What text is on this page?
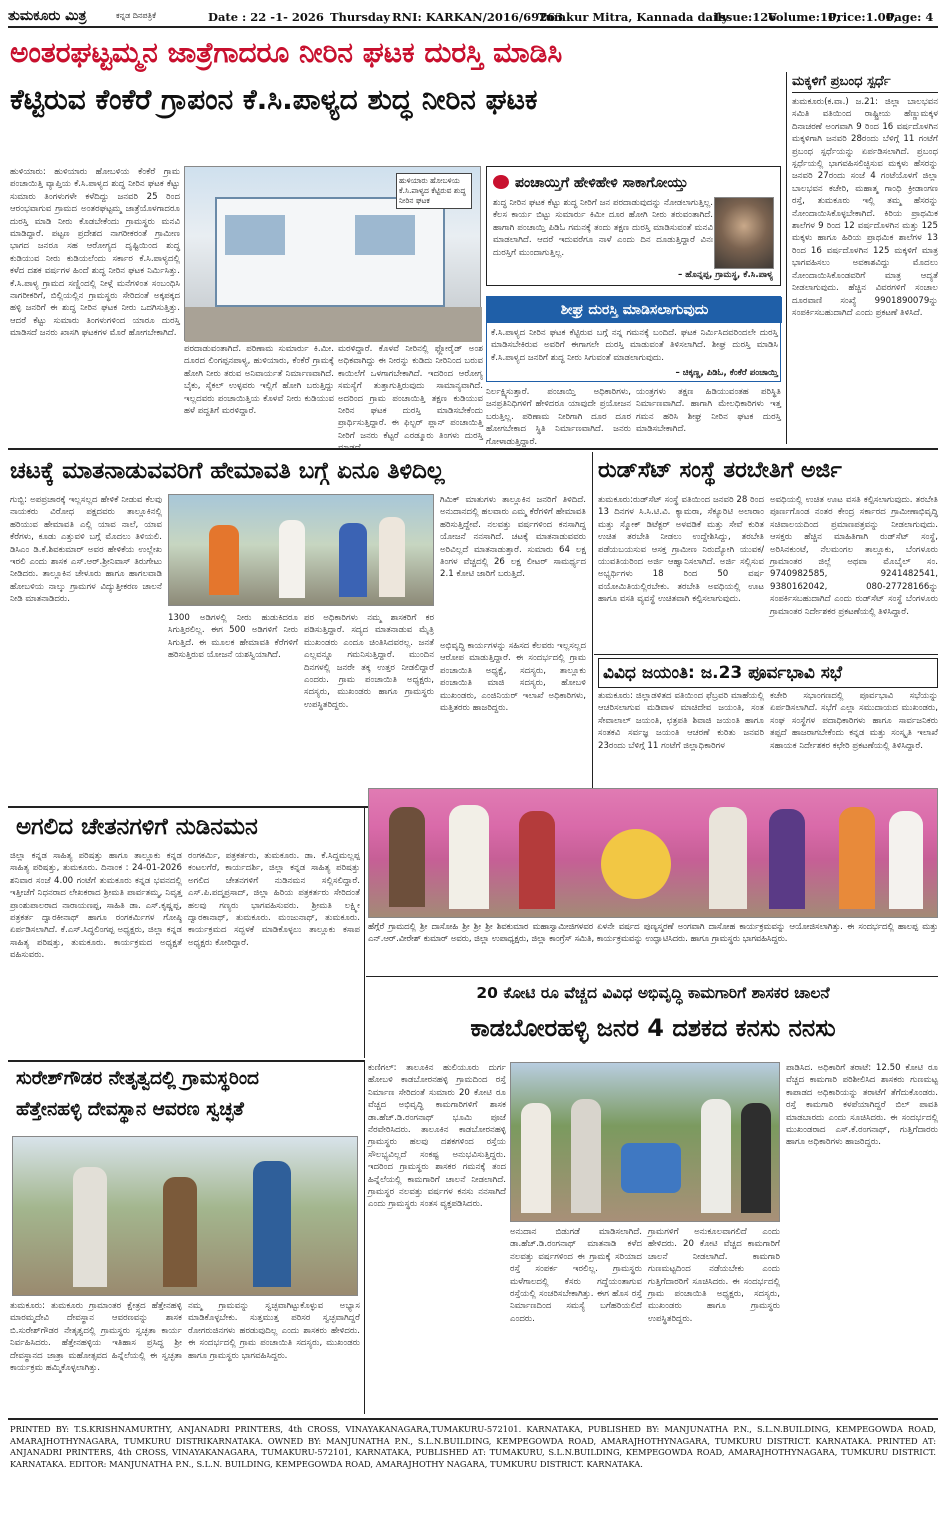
ತುಮಕೂರು ಮಿತ್ರ	ಕನ್ನಡ ದಿನಪತ್ರಿಕೆ	Date : 22 -1- 2026 Thursday RNI: KARKAN/2016/69263
Tumkur Mitra, Kannada daily
Issue:126
Volume:10,
Price:1.00,
Page: 4
ಅಂತರಘಟ್ಟಮ್ಮನ ಜಾತ್ರೆಗಾದರೂ ನೀರಿನ ಘಟಕ ದುರಸ್ತಿ ಮಾಡಿಸಿ
ಕೆಟ್ಟಿರುವ ಕೆಂಕೆರೆ ಗ್ರಾಪಂನ ಕೆ.ಸಿ.ಪಾಳ್ಯದ ಶುದ್ಧ ನೀರಿನ ಘಟಕ
ಹುಳಿಯಾರು: ಹುಳಿಯಾರು ಹೋಬಳಿಯ ಕೆಂಕೆರೆ ಗ್ರಾಮ ಪಂಚಾಯಿತ್ತಿ ವ್ಯಾಪ್ತಿಯ ಕೆ.ಸಿ.ಪಾಳ್ಯದ ಶುದ್ಧ ನೀರಿನ ಘಟಕ ಕೆಟ್ಟು ಸುಮಾರು ತಿಂಗಳುಗಳೇ ಕಳೆದಿದ್ದು ಜನವರಿ 25 ರಿಂದ ಆರಂಭವಾಗುವ ಗ್ರಾಮದ ಅಂತರಘಟ್ಟಮ್ಮ ಜಾತ್ರೆಯೊಳಗಾದರೂ ದುರಸ್ತಿ ಮಾಡಿ ನೀರು ಕೊಡಬೇಕೆಂದು ಗ್ರಾಮಸ್ಥರು ಮನವಿ ಮಾಡಿದ್ದಾರೆ. ಪಟ್ಟಣ ಪ್ರದೇಶದ ನಾಗರೀಕರಂತೆ ಗ್ರಾಮೀಣ ಭಾಗದ ಜನರೂ ಸಹ ಆರೋಗ್ಯದ ದೃಷ್ಟಿಯಿಂದ ಶುದ್ಧ ಕುಡಿಯುವ ನೀರು ಕುಡಿಯಲೆಂದು ಸರ್ಕಾರ ಕೆ.ಸಿ.ಪಾಳ್ಯದಲ್ಲಿ ಕಳೆದ ದಶಕ ವರ್ಷಗಳ ಹಿಂದೆ ಶುದ್ಧ ನೀರಿನ ಘಟಕ ನಿರ್ಮಿಸಿತ್ತು. ಕೆ.ಸಿ.ಪಾಳ್ಯ ಗ್ರಾಮದ ಸಣ್ಣಿಂದಲ್ಲಿ ನೀಳ್ಗೆ ಮನೆಗಳಿಂತ ಸಂಬಂಧಿಸಿ ನಾಗರೀಕರಿಗೆ, ಬಿಲ್ಲಿಯಲ್ಲಿನ ಗ್ರಾಮಸ್ಥರು ಸೇರಿದಂತೆ ಅಕ್ಕಪಕ್ಕದ ಹಳ್ಳಿ ಜನರಿಗೆ ಈ ಶುದ್ಧ ನೀರಿನ ಘಟಕ ನೀರು ಒದಗಿಸುತ್ತಿತ್ತು. ಆದರೆ ಕೆಟ್ಟು ಸುಮಾರು ತಿಂಗಳುಗಳಿಂದ ಯಾರೂ ದುರಸ್ತಿ ಮಾಡಿಸದೆ ಜನರು ಖಾಸಗಿ ಘಟಕಗಳ ಮೊರೆ ಹೋಗಬೇಕಾಗಿದೆ.
ಹುಳಿಯಾರು ಹೋಬಳಿಯ ಕೆ.ಸಿ.ಪಾಳ್ಯದ ಕೆಟ್ಟಿರುವ ಶುದ್ಧ ನೀರಿನ ಘಟಕ
ಪರದಾಡುವಂತಾಗಿದೆ. ಪರಿಣಾಮ ಸುಮಾರ್ರು ಕಿ.ಮೀ. ದೂರದ ಲಿಂಗಪ್ಪನಪಾಳ್ಯ, ಹುಳಿಯಾರು, ಕೆಂಕೆರೆ ಗ್ರಾಮಕ್ಕೆ ಹೋಗಿ ನೀರು ತರುವ ಅನಿವಾರ್ಯತೆ ನಿರ್ಮಾಣವಾಗಿದೆ. ಬೈಕು, ಸೈಕಲ್ ಉಳ್ಳವರು ಇಲ್ಲಿಗೆ ಹೋಗಿ ಬರುತ್ತಿದ್ದು ಇಲ್ಲದವರು ಪಂಚಾಯಿತ್ತಿಯ ಕೊಳವೆ ನೀರು ಕುಡಿಯುವ ಹಳೆ ಪದ್ದತಿಗೆ ಮರಳಿದ್ದಾರೆ.
ಮರಳಿದ್ದಾರೆ. ಕೊಳವೆ ನೀರಿನಲ್ಲಿ ಫ್ಲೋರೈಡ್ ಅಂಶ ಅಧಿಕವಾಗಿದ್ದು ಈ ನೀರನ್ನು ಕುಡಿದು ನೀರಿನಿಂದ ಬರುವ ಕಾಯಿಲೆಗೆ ಒಳಗಾಗಬೇಕಾಗಿದೆ. ಇದರಿಂದ ಆರೋಗ್ಯ ಸಮಸ್ಯೆಗೆ ತುತ್ತಾಗುತ್ತಿರುವುದು ಸಾಮಾನ್ಯವಾಗಿದೆ. ಅದರಿಂದ ಗ್ರಾಮ ಪಂಚಾಯಿತ್ತಿ ತಕ್ಷಣ ಕುಡಿಯುವ ನೀರಿನ ಘಟಕ ದುರಸ್ತಿ ಮಾಡಿಸಬೇಕೆಂದು ಪ್ರಾರ್ಥಿಸುತ್ತಿದ್ದಾರೆ. ಈ ಫಿಲ್ಟರ್ ಪ್ಲಾನ್ ಪಂಚಾಯಿತ್ತಿ ನೀರಿಗೆ ಜನರು ಕೆಟ್ಟರೆ ಎರಡ್ಮೂರು ತಿಂಗಳು ದುರಸ್ತಿ
ಪಂಚಾಯ್ತಿಗೆ ಹೇಳಿಹೇಳಿ ಸಾಕಾಗೋಯ್ತು
ಶುದ್ಧ ನೀರಿನ ಘಟಕ ಕೆಟ್ಟು ಶುದ್ಧ ನೀರಿಗೆ ಜನ ಪರದಾಡುವುದನ್ನು ನೋಡಲಾಗುತ್ತಿಲ್ಲ. ಕೆಲಸ ಕಾರ್ಯ ಬಿಟ್ಟು ಸುಮಾರ್ರು ಕಿಮೀ ದೂರ ಹೋಗಿ ನೀರು ತರುವಂತಾಗಿದೆ. ಹಾಗಾಗಿ ಪಂಚಾಯ್ತಿ ಪಿಡಿಓ ಗಮನಕ್ಕೆ ತಂದು ತಕ್ಷಣ ದುರಸ್ತಿ ಮಾಡಿಸುವಂತೆ ಮನವಿ ಮಾಡಲಾಗಿದೆ. ಆದರೆ ಇದುವರೆಗೂ ನಾಳೆ ಎಂದು ದಿನ ದೂಡುತ್ತಿದ್ದಾರೆ ವಿನಃ ದುರಸ್ತಿಗೆ ಮುಂದಾಗುತ್ತಿಲ್ಲ.
– ಹೊನ್ನಪ್ಪ, ಗ್ರಾಮಸ್ಥ, ಕೆ.ಸಿ.ಪಾಳ್ಯ
ಶೀಘ್ರ ದುರಸ್ತಿ ಮಾಡಿಸಲಾಗುವುದು
ಕೆ.ಸಿ.ಪಾಳ್ಯದ ನೀರಿನ ಘಟಕ ಕೆಟ್ಟಿರುವ ಬಗ್ಗೆ ನನ್ನ ಗಮನಕ್ಕೆ ಬಂದಿದೆ. ಘಟಕ ನಿರ್ಮಿಸಿದವರಿಂದಲೇ ದುರಸ್ತಿ ಮಾಡಿಸಬೇಕಿರುವ ಅವರಿಗೆ ಈಗಾಗಲೇ ದುರಸ್ತಿ ಮಾಡುವಂತೆ ತಿಳಿಸಲಾಗಿದೆ. ಶೀಘ್ರ ದುರಸ್ತಿ ಮಾಡಿಸಿ ಕೆ.ಸಿ.ಪಾಳ್ಯದ ಜನರಿಗೆ ಶುದ್ಧ ನೀರು ಸಿಗುವಂತೆ ಮಾಡಲಾಗುವುದು.
– ಚಿಕ್ಕಣ್ಣ, ಪಿಡಿಓ, ಕೆಂಕೆರೆ ಪಂಚಾಯ್ತಿ
ನಿರ್ಲಕ್ಷ್ಯಿಸುತ್ತಾರೆ. ಪಂಚಾಯ್ತಿ ಅಧಿಕಾರಿಗಳು, ಜನಪ್ರತಿನಿಧಿಗಳಿಗೆ ಹೇಳಿದರೂ ಯಾವುದೇ ಪ್ರಯೋಜನ ಬರುತ್ತಿಲ್ಲ. ಪರಿಣಾಮ ನೀರಿಗಾಗಿ ದೂರ ದೂರ ಹೋಗಬೇಕಾದ ಸ್ಥಿತಿ ನಿರ್ಮಾಣವಾಗಿದೆ. ಜನರು ಗೋಳಾಡುತ್ತಿದ್ದಾರೆ.
ಯಂತ್ರಗಳು ತಕ್ಷಣ ಹಿಡಿಯುವಂತಹ ಪರಿಸ್ಥಿತಿ ನಿರ್ಮಾಣವಾಗಿದೆ. ಹಾಗಾಗಿ ಮೇಲಧಿಕಾರಿಗಳು ಇತ್ತ ಗಮನ ಹರಿಸಿ ಶೀಘ್ರ ನೀರಿನ ಘಟಕ ದುರಸ್ತಿ ಮಾಡಿಸಬೇಕಾಗಿದೆ.
ಮಕ್ಕಳಿಗೆ ಪ್ರಬಂಧ ಸ್ಪರ್ಧೆ
ತುಮಕೂರು(ಕ.ವಾ.) ಜ.21: ಜಿಲ್ಲಾ ಬಾಲಭವನ ಸಮಿತಿ ವತಿಯಿಂದ ರಾಷ್ಟ್ರೀಯ ಹೆಣ್ಣುಮಕ್ಕಳ ದಿನಾಚರಣೆ ಅಂಗವಾಗಿ 9 ರಿಂದ 16 ವರ್ಷದೊಳಗಿನ ಮಕ್ಕಳಿಗಾಗಿ ಜನವರಿ 28ರಂದು ಬೆಳಿಗ್ಗೆ 11 ಗಂಟೆಗೆ ಪ್ರಬಂಧ ಸ್ಪರ್ಧೆಯನ್ನು ಏರ್ಪಡಿಸಲಾಗಿದೆ. ಪ್ರಬಂಧ ಸ್ಪರ್ಧೆಯಲ್ಲಿ ಭಾಗವಹಿಸಲಿಚ್ಛಿಸುವ ಮಕ್ಕಳು ಹೆಸರನ್ನು ಜನವರಿ 27ರಂದು ಸಂಜೆ 4 ಗಂಟೆಯೊಳಗೆ ಜಿಲ್ಲಾ ಬಾಲಭವನ ಕಚೇರಿ, ಮಹಾತ್ಮ ಗಾಂಧಿ ಕ್ರೀಡಾಂಗಣ ರಸ್ತೆ, ತುಮಕೂರು ಇಲ್ಲಿ ತಮ್ಮ ಹೆಸರನ್ನು ನೋಂದಾಯಿಸಿಕೊಳ್ಳಬೇಕಾಗಿದೆ. ಕಿರಿಯ ಪ್ರಾಥಮಿಕ ಶಾಲೆಗಳ 9 ರಿಂದ 12 ವರ್ಷದೊಳಗಿನ ಮತ್ತು 125 ಮಕ್ಕಳು ಹಾಗೂ ಹಿರಿಯ ಪ್ರಾಥಮಿಕ ಶಾಲೆಗಳ 13 ರಿಂದ 16 ವರ್ಷದೊಳಗಿನ 125 ಮಕ್ಕಳಿಗೆ ಮಾತ್ರ ಭಾಗವಹಿಸಲು ಅವಕಾಶವಿದ್ದು ಮೊದಲು ನೋಂದಾಯಿಸಿಕೊಂಡವರಿಗೆ ಮಾತ್ರ ಆದ್ಯತೆ ನೀಡಲಾಗುವುದು. ಹೆಚ್ಚಿನ ವಿವರಗಳಿಗೆ ಸಂಚಾಲ ದೂರವಾಣಿ ಸಂಖ್ಯೆ 9901890079ನ್ನು ಸಂಪರ್ಕಿಸಬಹುದಾಗಿದೆ ಎಂದು ಪ್ರಕಟಣೆ ತಿಳಿಸಿದೆ.
ಚಟಕ್ಕೆ ಮಾತನಾಡುವವರಿಗೆ ಹೇಮಾವತಿ ಬಗ್ಗೆ ಏನೂ ತಿಳಿದಿಲ್ಲ
ಗುಬ್ಬಿ: ಅಪಪ್ರಚಾರಕ್ಕೆ ಇಲ್ಲಸಲ್ಲದ ಹೇಳಿಕೆ ನೀಡುವ ಕೆಲವು ನಾಯಕರು ವಿರೋಧ ಪಕ್ಷದವರು ತಾಲ್ಲೂಕಿನಲ್ಲಿ ಹರಿಯುವ ಹೇಮಾವತಿ ಎಲ್ಲಿ ಯಾವ ನಾಲೆ, ಯಾವ ಕೆರೆಗಳು, ಕೂಡು ಎತ್ತುವಳಿ ಬಗ್ಗೆ ಮೊದಲು ತಿಳಿಯಲಿ. ಡಿಸಿಎಂ ಡಿ.ಕೆ.ಶಿವಕುಮಾರ್ ಅವರ ಹೇಳಿಕೆಯ ಉಲ್ಲೇಖ ಇರಲಿ ಎಂದು ಶಾಸಕ ಎಸ್.ಆರ್.ಶ್ರೀನಿವಾಸ್ ತಿರುಗೇಟು ನೀಡಿದರು. ತಾಲ್ಲೂಕಿನ ಚೇಳೂರು ಹಾಗೂ ಹಾಗಲವಾಡಿ ಹೋಬಳಿಯ ನಾಲ್ಕು ಗ್ರಾಮಗಳ ವಿದ್ಯುತ್ತೀಕರಣ ಚಾಲನೆ ನೀಡಿ ಮಾತನಾಡಿದರು.
ಗಿಮಿಕ್ ಮಾತುಗಳು ತಾಲ್ಲೂಕಿನ ಜನರಿಗೆ ತಿಳಿದಿದೆ. ಅನುದಾನದಲ್ಲಿ ಹಲವಾರು ಎಮ್ಮ ಕೆರೆಗಳಿಗೆ ಹೇಮಾವತಿ ಹರಿಸುತ್ತಿದ್ದೇವೆ. ನಲವತ್ತು ವರ್ಷಗಳಿಂದ ಕನಸಾಗಿದ್ದ ಯೋಜನೆ ನನಸಾಗಿದೆ. ಚಟಕ್ಕೆ ಮಾತನಾಡುವವರು ಅರಿವಿಲ್ಲದೆ ಮಾತನಾಡುತ್ತಾರೆ. ಸುಮಾರು 64 ಲಕ್ಷ ತಿಂಗಳ ವೆಚ್ಚದಲ್ಲಿ 26 ಲಕ್ಷ ಲೀಟರ್ ಸಾಮರ್ಥ್ಯದ 2.1 ಕೋಟಿ ಜಾರಿಗೆ ಬರುತ್ತಿದೆ.
1300 ಅಡಿಗಳಲ್ಲಿ ನೀರು ಹುಡುಕಿದರೂ ಸಿಗುತ್ತಿರಲಿಲ್ಲ. ಈಗ 500 ಅಡಿಗಳಿಗೆ ನೀರು ಸಿಗುತ್ತಿದೆ. ಈ ಮೂಲಕ ಹೇಮಾವತಿ ಕೆರೆಗಳಿಗೆ ಹರಿಸುತ್ತಿರುವ ಯೋಜನೆ ಯಶಸ್ವಿಯಾಗಿದೆ.
ಪರ ಅಧಿಕಾರಿಗಳು ನಮ್ಮ ಶಾಸಕರಿಗೆ ಕರ ಪಡಿಸುತ್ತಿದ್ದಾರೆ. ಸದ್ಯದ ಮಾತನಾಡುವ ಮೈತ್ರಿ ಮುಖಂಡರು ಎಂದೂ ಚಿಂತಿಸಿದವರಲ್ಲ. ಜನತೆ ಎಲ್ಲವನ್ನೂ ಗಮನಿಸುತ್ತಿದ್ದಾರೆ. ಮುಂದಿನ ದಿನಗಳಲ್ಲಿ ಜನರೇ ತಕ್ಕ ಉತ್ತರ ನೀಡಲಿದ್ದಾರೆ ಎಂದರು. ಗ್ರಾಮ ಪಂಚಾಯಿತಿ ಅಧ್ಯಕ್ಷರು, ಸದಸ್ಯರು, ಮುಖಂಡರು ಹಾಗೂ ಗ್ರಾಮಸ್ಥರು ಉಪಸ್ಥಿತರಿದ್ದರು.
ಅಭಿವೃದ್ಧಿ ಕಾರ್ಯಗಳನ್ನು ಸಹಿಸದ ಕೆಲವರು ಇಲ್ಲಸಲ್ಲದ ಆರೋಪ ಮಾಡುತ್ತಿದ್ದಾರೆ. ಈ ಸಂದರ್ಭದಲ್ಲಿ ಗ್ರಾಮ ಪಂಚಾಯಿತಿ ಅಧ್ಯಕ್ಷೆ, ಸದಸ್ಯರು, ತಾಲ್ಲೂಕು ಪಂಚಾಯಿತಿ ಮಾಜಿ ಸದಸ್ಯರು, ಹೋಬಳಿ ಮುಖಂಡರು, ಎಂಜಿನಿಯರ್ ಇಲಾಖೆ ಅಧಿಕಾರಿಗಳು, ಮತ್ತಿತರರು ಹಾಜರಿದ್ದರು.
ರುಡ್‌ಸೆಟ್ ಸಂಸ್ಥೆ ತರಬೇತಿಗೆ ಅರ್ಜಿ
ತುಮಕೂರು:ರುಡ್‌ಸೆಟ್ ಸಂಸ್ಥೆ ವತಿಯಿಂದ ಜನವರಿ 28 ರಿಂದ 13 ದಿನಗಳ ಸಿ.ಸಿ.ಟಿ.ವಿ. ಕ್ಯಾಮರಾ, ಸೆಕ್ಯೂರಿಟಿ ಅಲಾರಾಂ ಮತ್ತು ಸ್ಮೋಕ್ ಡಿಟೆಕ್ಟರ್ ಅಳವಡಿಕೆ ಮತ್ತು ಸೇವೆ ಕುರಿತ ಉಚಿತ ತರಬೇತಿ ನೀಡಲು ಉದ್ದೇಶಿಸಿದ್ದು, ತರಬೇತಿ ಪಡೆಯಬಯಸುವ ಆಸಕ್ತ ಗ್ರಾಮೀಣ ನಿರುದ್ಯೋಗಿ ಯುವಕ/ಯುವತಿಯರಿಂದ ಅರ್ಜಿ ಆಹ್ವಾನಿಸಲಾಗಿದೆ. ಅರ್ಜಿ ಸಲ್ಲಿಸುವ ಅಭ್ಯರ್ಥಿಗಳು 18 ರಿಂದ 50 ವರ್ಷ ವಯೋಮಿತಿಯಲ್ಲಿರಬೇಕು. ತರಬೇತಿ ಅವಧಿಯಲ್ಲಿ ಊಟ ಹಾಗೂ ವಸತಿ ವ್ಯವಸ್ಥೆ ಉಚಿತವಾಗಿ ಕಲ್ಪಿಸಲಾಗುವುದು.
ಅವಧಿಯಲ್ಲಿ ಉಚಿತ ಊಟ ವಸತಿ ಕಲ್ಪಿಸಲಾಗುವುದು. ತರಬೇತಿ ಪೂರ್ಣಗೊಂಡ ನಂತರ ಕೇಂದ್ರ ಸರ್ಕಾರದ ಗ್ರಾಮೀಣಾಭಿವೃದ್ಧಿ ಸಚಿವಾಲಯದಿಂದ ಪ್ರಮಾಣಪತ್ರವನ್ನು ನೀಡಲಾಗುವುದು. ಆಸಕ್ತರು ಹೆಚ್ಚಿನ ಮಾಹಿತಿಗಾಗಿ ರುಡ್‌ಸೆಟ್ ಸಂಸ್ಥೆ, ಅರಿಸಿನಕುಂಟೆ, ನೆಲಮಂಗಲ ತಾಲ್ಲೂಕು, ಬೆಂಗಳೂರು ಗ್ರಾಮಾಂತರ ಜಿಲ್ಲೆ ಅಥವಾ ಮೊಬೈಲ್ ಸಂ. 9740982585, 9241482541, 9380162042, 080-27728166ನ್ನು ಸಂಪರ್ಕಿಸಬಹುದಾಗಿದೆ ಎಂದು ರುಡ್‌ಸೆಟ್ ಸಂಸ್ಥೆ ಬೆಂಗಳೂರು ಗ್ರಾಮಾಂತರ ನಿರ್ದೇಶಕರ ಪ್ರಕಟಣೆಯಲ್ಲಿ ತಿಳಿಸಿದ್ದಾರೆ.
ವಿವಿಧ ಜಯಂತಿ: ಜ.23 ಪೂರ್ವಭಾವಿ ಸಭೆ
ತುಮಕೂರು: ಜಿಲ್ಲಾಡಳಿತದ ವತಿಯಿಂದ ಫೆಬ್ರವರಿ ಮಾಹೆಯಲ್ಲಿ ಆಚರಿಸಲಾಗುವ ಮಡಿವಾಳ ಮಾಚಿದೇವ ಜಯಂತಿ, ಸಂತ ಸೇವಾಲಾಲ್ ಜಯಂತಿ, ಛತ್ರಪತಿ ಶಿವಾಜಿ ಜಯಂತಿ ಹಾಗೂ ಸಂತಕವಿ ಸರ್ವಜ್ಞ ಜಯಂತಿ ಆಚರಣೆ ಕುರಿತು ಜನವರಿ 23ರಂದು ಬೆಳಿಗ್ಗೆ 11 ಗಂಟೆಗೆ ಜಿಲ್ಲಾಧಿಕಾರಿಗಳ
ಕಚೇರಿ ಸಭಾಂಗಣದಲ್ಲಿ ಪೂರ್ವಭಾವಿ ಸಭೆಯನ್ನು ಏರ್ಪಡಿಸಲಾಗಿದೆ. ಸಭೆಗೆ ಎಲ್ಲಾ ಸಮುದಾಯದ ಮುಖಂಡರು, ಸಂಘ ಸಂಸ್ಥೆಗಳ ಪದಾಧಿಕಾರಿಗಳು ಹಾಗೂ ಸಾರ್ವಜನಿಕರು ತಪ್ಪದೆ ಹಾಜರಾಗಬೇಕೆಂದು ಕನ್ನಡ ಮತ್ತು ಸಂಸ್ಕೃತಿ ಇಲಾಖೆ ಸಹಾಯಕ ನಿರ್ದೇಶಕರ ಕಛೇರಿ ಪ್ರಕಟಣೆಯಲ್ಲಿ ತಿಳಿಸಿದ್ದಾರೆ.
ಅಗಲಿದ ಚೇತನಗಳಿಗೆ ನುಡಿನಮನ
ಜಿಲ್ಲಾ ಕನ್ನಡ ಸಾಹಿತ್ಯ ಪರಿಷತ್ತು ಹಾಗೂ ತಾಲ್ಲೂಕು ಕನ್ನಡ ಸಾಹಿತ್ಯ ಪರಿಷತ್ತು, ತುಮಕೂರು. ದಿನಾಂಕ : 24-01-2026 ಶನಿವಾರ ಸಂಜೆ 4.00 ಗಂಟೆಗೆ ತುಮಕೂರು ಕನ್ನಡ ಭವನದಲ್ಲಿ ಇತ್ತೀಚೆಗೆ ನಿಧನರಾದ ಲೇಖಕರಾದ ಶ್ರೀಮತಿ ಪಾರ್ವತಮ್ಮ, ನಿವೃತ್ತ ಪ್ರಾಂಶುಪಾಲರಾದ ನಾರಾಯಣಪ್ಪ, ಸಾಹಿತಿ ಡಾ. ಎಸ್.ಕೃಷ್ಣಪ್ಪ, ಪತ್ರಕರ್ತ ದ್ವಾರಕೀನಾಥ್ ಹಾಗೂ ರಂಗಕರ್ಮಿಗಳ ಗೋಷ್ಠಿ ಏರ್ಪಡಿಸಲಾಗಿದೆ. ಕೆ.ಎಸ್.ಸಿದ್ಧಲಿಂಗಪ್ಪ ಅಧ್ಯಕ್ಷರು, ಜಿಲ್ಲಾ ಕನ್ನಡ ಸಾಹಿತ್ಯ ಪರಿಷತ್ತು, ತುಮಕೂರು. ಕಾರ್ಯಕ್ರಮದ ಅಧ್ಯಕ್ಷತೆ ವಹಿಸುವರು.
ರಂಗಕರ್ಮಿ, ಪತ್ರಕರ್ತರು, ತುಮಕೂರು. ಡಾ. ಕೆ.ಸಿದ್ದಮಲ್ಲಪ್ಪ ಕಂಟಲಗೆರೆ, ಕಾರ್ಯದರ್ಶಿ, ಜಿಲ್ಲಾ ಕನ್ನಡ ಸಾಹಿತ್ಯ ಪರಿಷತ್ತು ಅಗಲಿದ ಚೇತನಗಳಿಗೆ ನುಡಿನಮನ ಸಲ್ಲಿಸಲಿದ್ದಾರೆ. ಎಸ್.ಪಿ.ಪದ್ಮಪ್ರಸಾದ್, ಜಿಲ್ಲಾ ಹಿರಿಯ ಪತ್ರಕರ್ತರು ಸೇರಿದಂತೆ ಹಲವು ಗಣ್ಯರು ಭಾಗವಹಿಸುವರು. ಶ್ರೀಮತಿ ಲಕ್ಷ್ಮೀ ದ್ವಾರಕಾನಾಥ್, ತುಮಕೂರು. ಮಂಜುನಾಥ್, ತುಮಕೂರು. ಕಾರ್ಯಕ್ರಮದ ಸದ್ಭಳಕೆ ಮಾಡಿಕೊಳ್ಳಲು ತಾಲ್ಲೂಕು ಕಸಾಪ ಅಧ್ಯಕ್ಷರು ಕೋರಿದ್ದಾರೆ.
ಹೆಗ್ಗೆರೆ ಗ್ರಾಮದಲ್ಲಿ ಶ್ರೀ ದಾಸೋಹಿ ಶ್ರೀ ಶ್ರೀ ಶ್ರೀ ಶಿವಕುಮಾರ ಮಹಾಸ್ವಾಮೀಜಿಗಳವರ ಏಳನೇ ವರ್ಷದ ಪುಣ್ಯಸ್ಮರಣೆ ಅಂಗವಾಗಿ ದಾಸೋಹ ಕಾರ್ಯಕ್ರಮವನ್ನು ಆಯೋಜಿಸಲಾಗಿತ್ತು. ಈ ಸಂದರ್ಭದಲ್ಲಿ ಹಾಲಪ್ಪ ಮತ್ತು ಎನ್.ಆರ್.ವೀರೇಶ್ ಕುಮಾರ್ ಅವರು, ಜಿಲ್ಲಾ ಉಪಾಧ್ಯಕ್ಷರು, ಜಿಲ್ಲಾ ಕಾಂಗ್ರೆಸ್ ಸಮಿತಿ, ಕಾರ್ಯಕ್ರಮವನ್ನು ಉದ್ಘಾಟಿಸಿದರು. ಹಾಗೂ ಗ್ರಾಮಸ್ಥರು ಭಾಗವಹಿಸಿದ್ದರು.
20 ಕೋಟಿ ರೂ ವೆಚ್ಚದ ವಿವಿಧ ಅಭಿವೃದ್ಧಿ ಕಾಮಗಾರಿಗೆ ಶಾಸಕರ ಚಾಲನೆ
ಕಾಡಬೋರಹಳ್ಳಿ ಜನರ 4 ದಶಕದ ಕನಸು ನನಸು
ಕುಣಿಗಲ್: ತಾಲೂಕಿನ ಹುಲಿಯೂರು ದುರ್ಗ ಹೋಬಳಿ ಕಾಡಬೋರನಹಳ್ಳಿ ಗ್ರಾಮದಿಂದ ರಸ್ತೆ ನಿರ್ಮಾಣ ಸೇರಿದಂತೆ ಸುಮಾರು 20 ಕೋಟಿ ರೂ ವೆಚ್ಚದ ಅಭಿವೃದ್ಧಿ ಕಾಮಗಾರಿಗಳಿಗೆ ಶಾಸಕ ಡಾ.ಹೆಚ್.ಡಿ.ರಂಗನಾಥ್ ಭೂಮಿ ಪೂಜೆ ನೆರವೇರಿಸಿದರು. ತಾಲೂಕಿನ ಕಾಡಬೋರನಹಳ್ಳಿ ಗ್ರಾಮಸ್ಥರು ಹಲವು ದಶಕಗಳಿಂದ ರಸ್ತೆಯ ಸೌಲಭ್ಯವಿಲ್ಲದೆ ಸಂಕಷ್ಟ ಅನುಭವಿಸುತ್ತಿದ್ದರು. ಇದರಿಂದ ಗ್ರಾಮಸ್ಥರು ಶಾಸಕರ ಗಮನಕ್ಕೆ ತಂದ ಹಿನ್ನೆಲೆಯಲ್ಲಿ ಕಾಮಗಾರಿಗೆ ಚಾಲನೆ ನೀಡಲಾಗಿದೆ. ಗ್ರಾಮಸ್ಥರ ನಲವತ್ತು ವರ್ಷಗಳ ಕನಸು ನನಸಾಗಿದೆ ಎಂದು ಗ್ರಾಮಸ್ಥರು ಸಂತಸ ವ್ಯಕ್ತಪಡಿಸಿದರು.
ಅನುದಾನ ಬಿಡುಗಡೆ ಮಾಡಿಸಲಾಗಿದೆ. ಡಾ.ಹೆಚ್.ಡಿ.ರಂಗನಾಥ್ ಮಾತನಾಡಿ ಕಳೆದ ನಲವತ್ತು ವರ್ಷಗಳಿಂದ ಈ ಗ್ರಾಮಕ್ಕೆ ಸರಿಯಾದ ರಸ್ತೆ ಸಂಪರ್ಕ ಇರಲಿಲ್ಲ. ಗ್ರಾಮಸ್ಥರು ಮಳೆಗಾಲದಲ್ಲಿ ಕೆಸರು ಗದ್ದೆಯಂತಾಗುವ ರಸ್ತೆಯಲ್ಲಿ ಸಂಚರಿಸಬೇಕಾಗಿತ್ತು. ಈಗ ಹೊಸ ರಸ್ತೆ ನಿರ್ಮಾಣದಿಂದ ಸಮಸ್ಯೆ ಬಗೆಹರಿಯಲಿದೆ ಎಂದರು.
ಗ್ರಾಮಗಳಿಗೆ ಅನುಕೂಲವಾಗಲಿದೆ ಎಂದು ಹೇಳಿದರು. 20 ಕೋಟಿ ವೆಚ್ಚದ ಕಾಮಗಾರಿಗೆ ಚಾಲನೆ ನೀಡಲಾಗಿದೆ. ಕಾಮಗಾರಿ ಗುಣಮಟ್ಟದಿಂದ ನಡೆಯಬೇಕು ಎಂದು ಗುತ್ತಿಗೆದಾರರಿಗೆ ಸೂಚಿಸಿದರು. ಈ ಸಂದರ್ಭದಲ್ಲಿ ಗ್ರಾಮ ಪಂಚಾಯಿತಿ ಅಧ್ಯಕ್ಷರು, ಸದಸ್ಯರು, ಮುಖಂಡರು ಹಾಗೂ ಗ್ರಾಮಸ್ಥರು ಉಪಸ್ಥಿತರಿದ್ದರು.
ಪಾಡಿಸಿದ. ಅಧಿಕಾರಿಗೆ ತರಾಟೆ: 12.50 ಕೋಟಿ ರೂ ವೆಚ್ಚದ ಕಾಮಗಾರಿ ಪರಿಶೀಲಿಸಿದ ಶಾಸಕರು ಗುಣಮಟ್ಟ ಕಾಪಾಡದ ಅಧಿಕಾರಿಯನ್ನು ತರಾಟೆಗೆ ತೆಗೆದುಕೊಂಡರು. ರಸ್ತೆ ಕಾಮಗಾರಿ ಕಳಪೆಯಾಗಿದ್ದರೆ ಬಿಲ್ ಪಾವತಿ ಮಾಡಬಾರದು ಎಂದು ಸೂಚಿಸಿದರು. ಈ ಸಂದರ್ಭದಲ್ಲಿ ಮುಖಂಡರಾದ ಎಸ್.ಕೆ.ರಂಗನಾಥ್, ಗುತ್ತಿಗೆದಾರರು ಹಾಗೂ ಅಧಿಕಾರಿಗಳು ಹಾಜರಿದ್ದರು.
ಸುರೇಶ್‌ಗೌಡರ ನೇತೃತ್ವದಲ್ಲಿ ಗ್ರಾಮಸ್ಥರಿಂದ
ಹೆತ್ತೇನಹಳ್ಳಿ ದೇವಸ್ಥಾನ ಆವರಣ ಸ್ವಚ್ಛತೆ
ತುಮಕೂರು: ತುಮಕೂರು ಗ್ರಾಮಾಂತರ ಕ್ಷೇತ್ರದ ಹೆತ್ತೇನಹಳ್ಳಿ ಮಾರಮ್ಮದೇವಿ ದೇವಸ್ಥಾನ ಆವರಣವನ್ನು ಶಾಸಕ ಬಿ.ಸುರೇಶ್‌ಗೌಡರ ನೇತೃತ್ವದಲ್ಲಿ ಗ್ರಾಮಸ್ಥರು ಸ್ವಚ್ಛತಾ ಕಾರ್ಯ ನಿರ್ವಹಿಸಿದರು. ಹೆತ್ತೇನಹಳ್ಳಿಯ ಇತಿಹಾಸ ಪ್ರಸಿದ್ಧ ಶ್ರೀ ದೇವಸ್ಥಾನದ ಜಾತ್ರಾ ಮಹೋತ್ಸವದ ಹಿನ್ನೆಲೆಯಲ್ಲಿ ಈ ಸ್ವಚ್ಛತಾ ಕಾರ್ಯಕ್ರಮ ಹಮ್ಮಿಕೊಳ್ಳಲಾಗಿತ್ತು.
ನಮ್ಮ ಗ್ರಾಮವನ್ನು ಸ್ವಚ್ಛವಾಗಿಟ್ಟುಕೊಳ್ಳುವ ಅಭ್ಯಾಸ ಮಾಡಿಕೊಳ್ಳಬೇಕು. ಸುತ್ತಮುತ್ತ ಪರಿಸರ ಸ್ವಚ್ಛವಾಗಿದ್ದರೆ ರೋಗರುಜಿನಗಳು ಹರಡುವುದಿಲ್ಲ ಎಂದು ಶಾಸಕರು ಹೇಳಿದರು. ಈ ಸಂದರ್ಭದಲ್ಲಿ ಗ್ರಾಮ ಪಂಚಾಯಿತಿ ಸದಸ್ಯರು, ಮುಖಂಡರು ಹಾಗೂ ಗ್ರಾಮಸ್ಥರು ಭಾಗವಹಿಸಿದ್ದರು.
PRINTED BY: T.S.KRISHNAMURTHY, ANJANADRI PRINTERS, 4th CROSS, VINAYAKANAGARA,TUMAKURU-572101. KARNATAKA, PUBLISHED BY: MANJUNATHA P.N., S.L.N.BUILDING, KEMPEGOWDA ROAD, AMARAJHOTHYNAGARA, TUMKURU DISTRIKARNATAKA. OWNED BY: MANJUNATHA P.N., S.L.N.BUILDING, KEMPEGOWDA ROAD, AMARAJHOTHYNAGARA, TUMKURU DISTRICT. KARNATAKA. PRINTED AT: ANJANADRI PRINTERS, 4th CROSS, VINAYAKANAGARA, TUMAKURU-572101, KARNATAKA, PUBLISHED AT: TUMAKURU, S.L.N.BUILDING, KEMPEGOWDA ROAD, AMARAJHOTHYNAGARA, TUMKURU DISTRICT. KARNATAKA. EDITOR: MANJUNATHA P.N., S.L.N. BUILDING, KEMPEGOWDA ROAD, AMARAJHOTHY NAGARA, TUMKURU DISTRICT. KARNATAKA.
